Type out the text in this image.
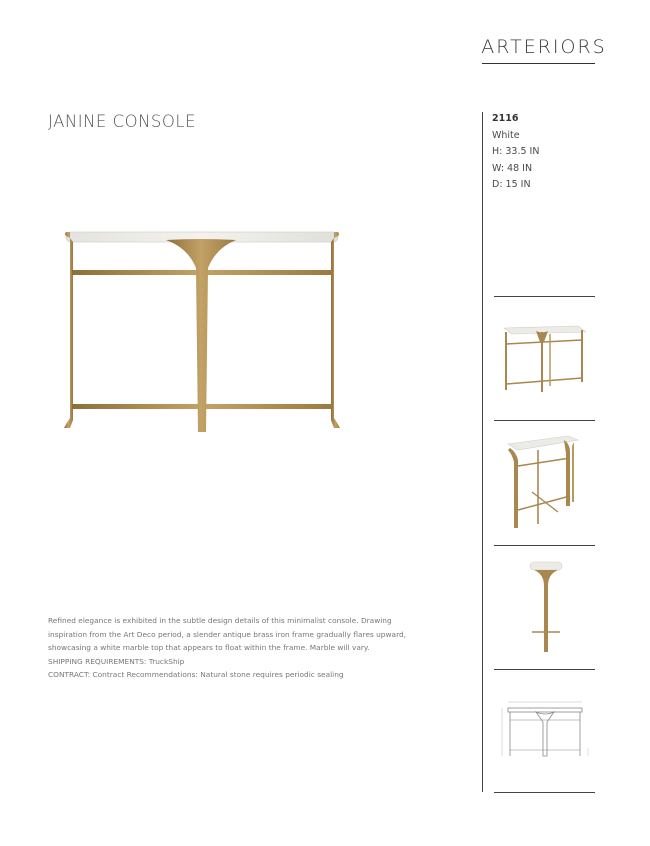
ARTERIORS
JANINE CONSOLE	2116
White
H: 33.5 IN
W: 48 IN
D: 15 IN

Refined elegance is exhibited in the subtle design details of this minimalist console. Drawing inspiration from the Art Deco period, a slender antique brass iron frame gradually flares upward, showcasing a white marble top that appears to float within the frame. Marble will vary.

SHIPPING REQUIREMENTS: TruckShip

CONTRACT: Contract Recommendations: Natural stone requires periodic sealing
